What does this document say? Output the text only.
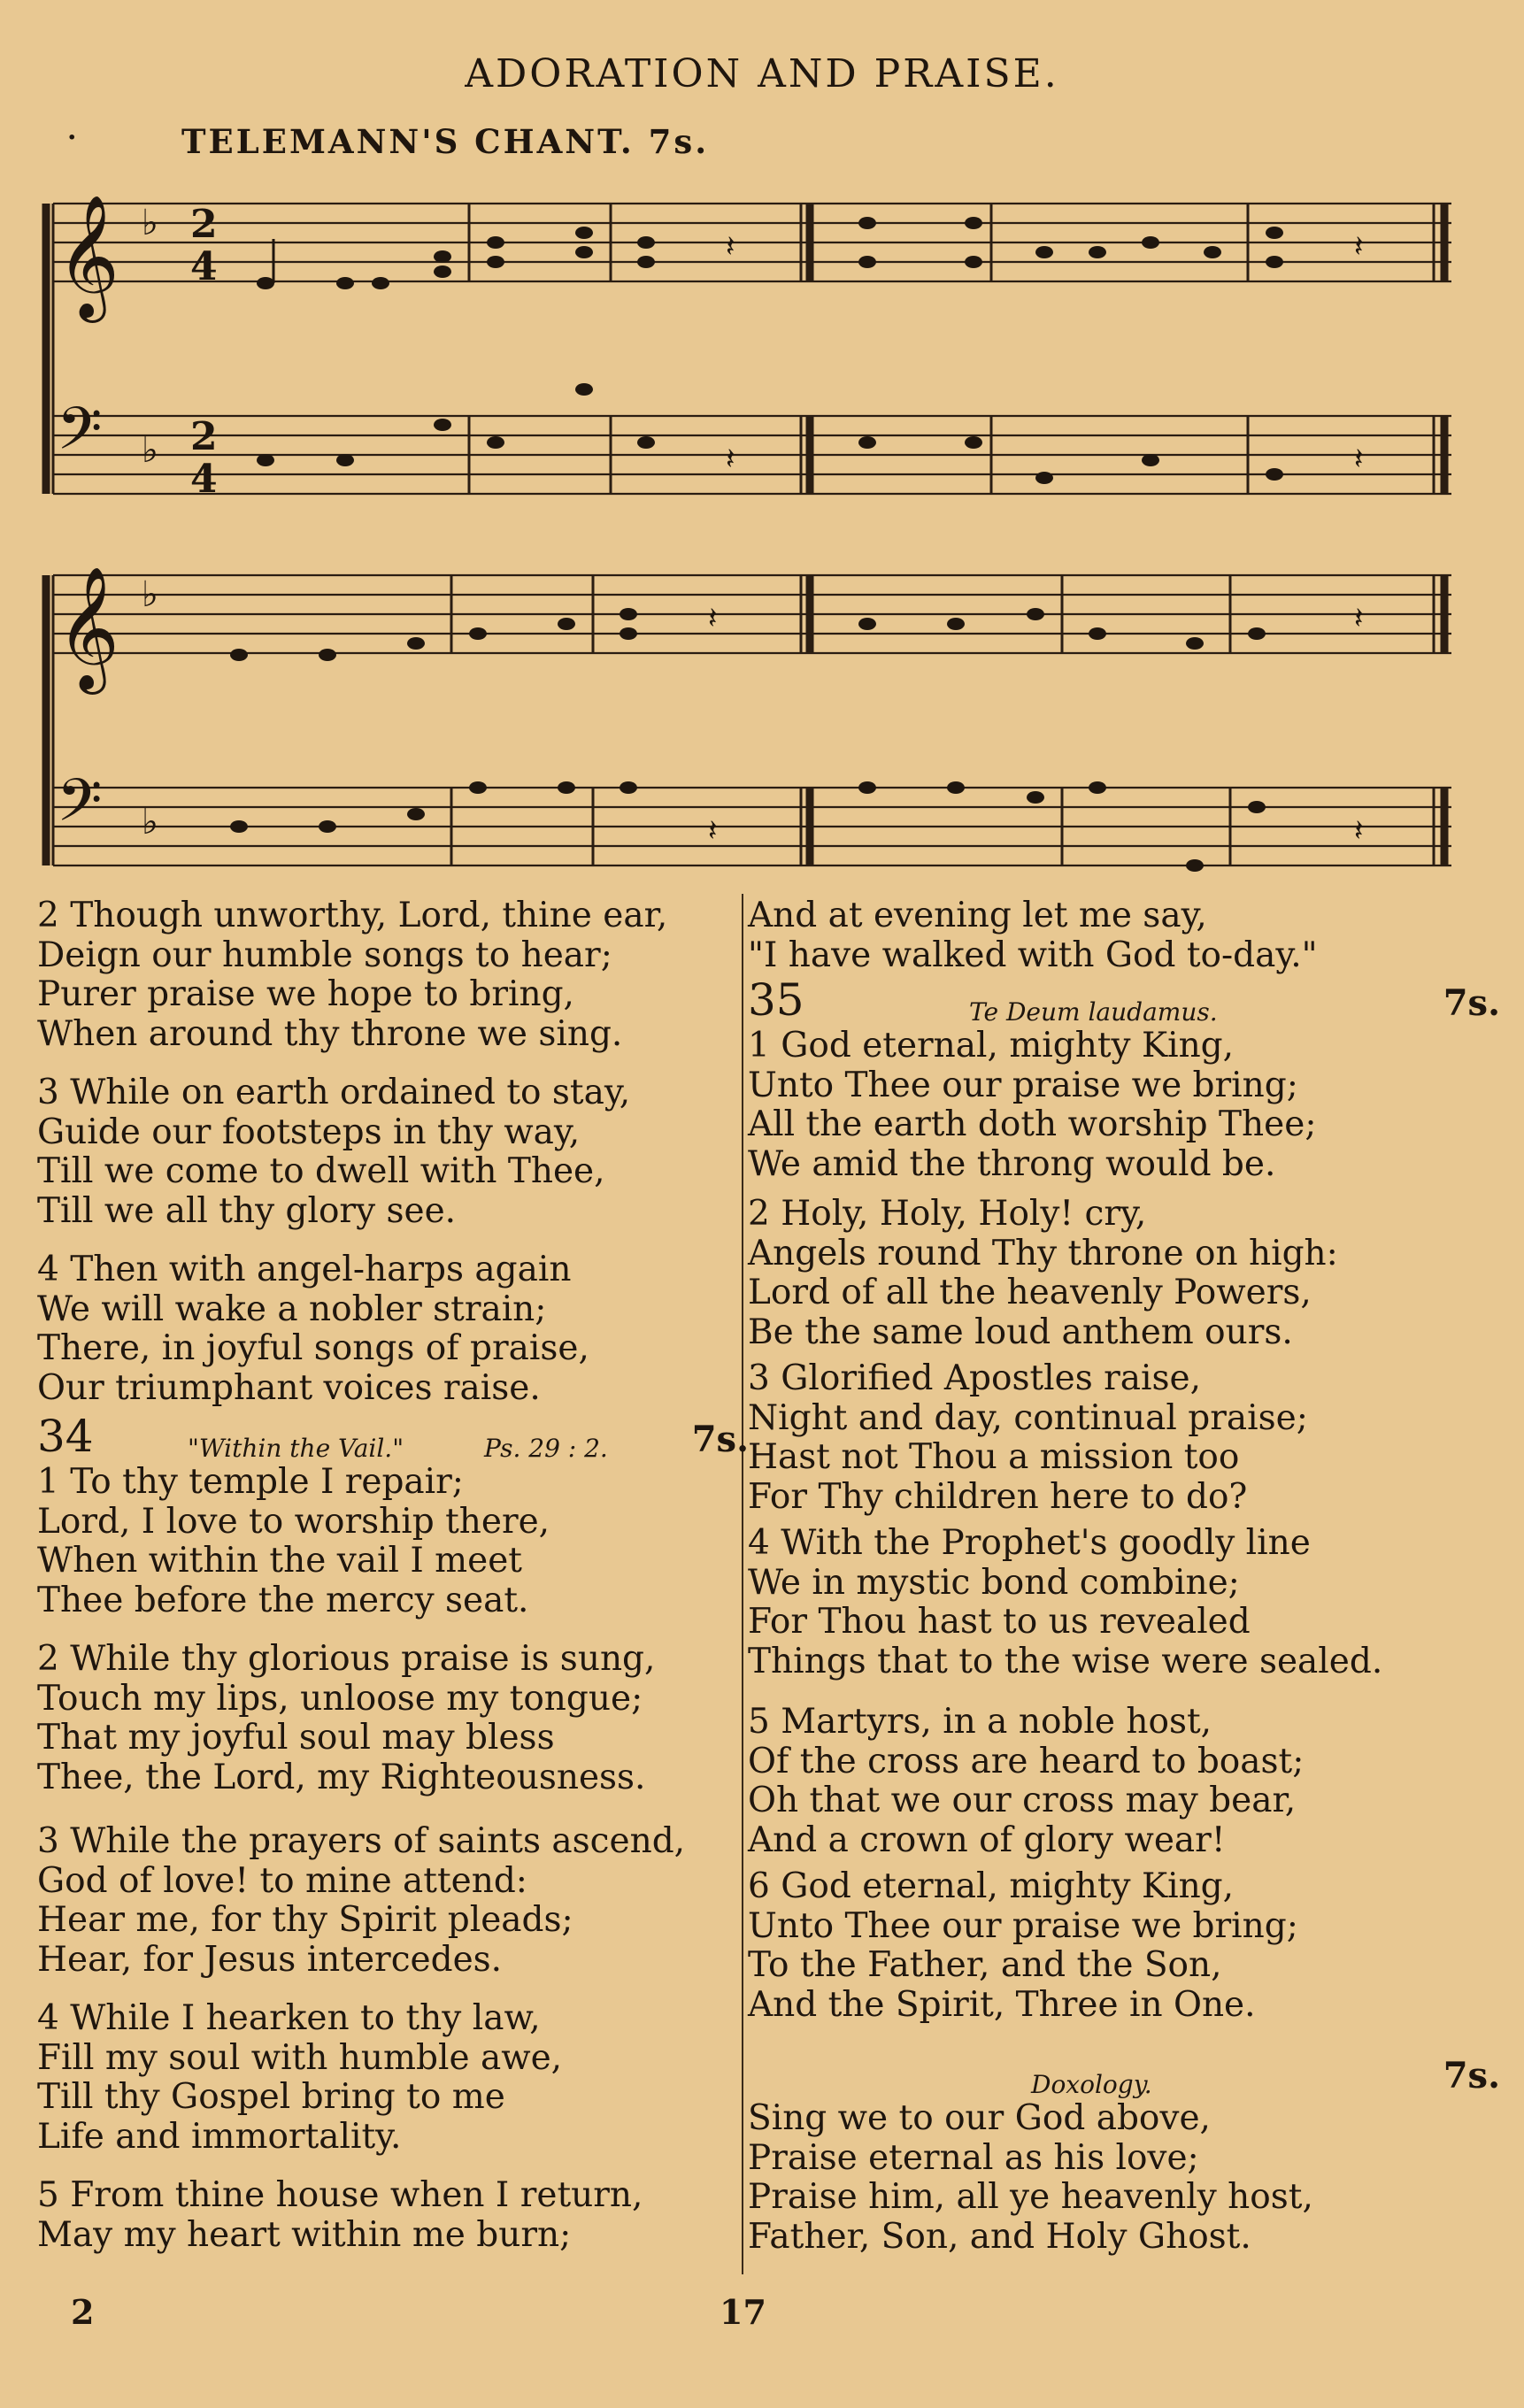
ADORATION AND PRAISE.
·	TELEMANN'S CHANT. 7s.
𝄞
𝄢
♭ 2
4
♭ 2
4
𝄽	𝄽
𝄽	𝄽
𝄞
𝄢
♭
♭
𝄽	𝄽
𝄽	𝄽
2 Though unworthy, Lord, thine ear,
Deign our humble songs to hear;
Purer praise we hope to bring,
When around thy throne we sing.
3 While on earth ordained to stay,
Guide our footsteps in thy way,
Till we come to dwell with Thee,
Till we all thy glory see.
4 Then with angel-harps again
We will wake a nobler strain;
There, in joyful songs of praise,
Our triumphant voices raise.
34	"Within the Vail."	Ps. 29 : 2. 7s.
1 To thy temple I repair;
Lord, I love to worship there,
When within the vail I meet
Thee before the mercy seat.
2 While thy glorious praise is sung,
Touch my lips, unloose my tongue;
That my joyful soul may bless
Thee, the Lord, my Righteousness.
3 While the prayers of saints ascend,
God of love! to mine attend:
Hear me, for thy Spirit pleads;
Hear, for Jesus intercedes.
4 While I hearken to thy law,
Fill my soul with humble awe,
Till thy Gospel bring to me
Life and immortality.
5 From thine house when I return,
May my heart within me burn;
And at evening let me say,
"I have walked with God to-day."
35	Te Deum laudamus.	7s.
1 God eternal, mighty King,
Unto Thee our praise we bring;
All the earth doth worship Thee;
We amid the throng would be.
2 Holy, Holy, Holy! cry,
Angels round Thy throne on high:
Lord of all the heavenly Powers,
Be the same loud anthem ours.
3 Glorified Apostles raise,
Night and day, continual praise;
Hast not Thou a mission too
For Thy children here to do?
4 With the Prophet's goodly line
We in mystic bond combine;
For Thou hast to us revealed
Things that to the wise were sealed.
5 Martyrs, in a noble host,
Of the cross are heard to boast;
Oh that we our cross may bear,
And a crown of glory wear!
6 God eternal, mighty King,
Unto Thee our praise we bring;
To the Father, and the Son,
And the Spirit, Three in One.
Doxology.	7s.
Sing we to our God above,
Praise eternal as his love;
Praise him, all ye heavenly host,
Father, Son, and Holy Ghost.
2	17
